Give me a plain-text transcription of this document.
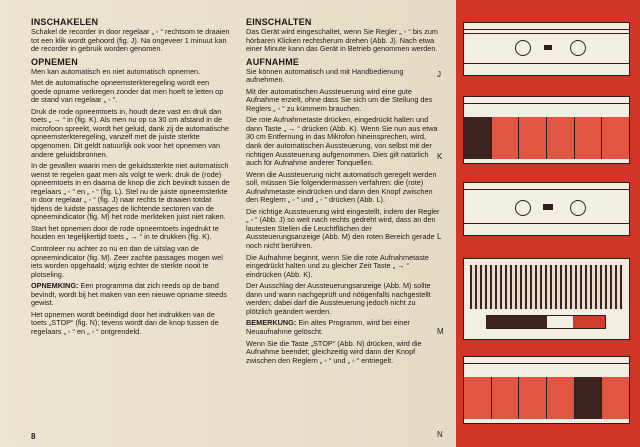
INSCHAKELEN

Schakel de recorder in door regelaar „ ◦ “ rechtsom te draaien tot een klik wordt gehoord (fig. J). Na ongeveer 1 minuut kan de recorder in gebruik worden genomen.

OPNEMEN

Men kan automatisch en niet automatisch opnemen.

Met de automatische opneemsterkteregeling wordt een goede opname verkregen zonder dat men hoeft te letten op de stand van regelaar „ ◦ “.

Druk de rode opneemtoets in, houdt deze vast en druk dan toets „ → “ in (fig. K). Als men nu op ca 30 cm afstand in de microfoon spreekt, wordt het geluid, dank zij de automatische opneemsterkteregeling, vanzelf met de juiste sterkte opgenomen. Dit geldt natuurlijk ook voor het opnemen van andere geluidsbronnen.

In de gevallen waarin men de geluidssterkte niet automatisch wenst te regelen gaat men als volgt te werk: druk de (rode) opneemtoets in en daarna de knop die zich bevindt tussen de regelaars „ ◦ “ en „ ◦ “ (fig. L). Stel nu de juiste opneemsterkte in door regelaar „ ◦ “ (fig. J) naar rechts te draaien totdat tijdens de luidste passages de lichtende sectoren van de opneemindicator (fig. M) het rode merkteken juist niet raken.

Start het opnemen door de rode opneemtoets ingedrukt te houden en tegelijkertijd toets „ → “ in te drukken (fig. K).

Controleer nu achter zo nu en dan de uitslag van de opneemindicator (fig. M). Zeer zachte passages mogen wel iets worden opgehaald; wijzig echter de sterkte nooit te plotseling.

OPNEMKING: Een programma dat zich reeds op de band bevindt, wordt bij het maken van een nieuwe opname steeds gewist.

Het opnemen wordt beëindigd door het indrukken van de toets „STOP“ (fig. N); tevens wordt dan de knop tussen de regelaars „ ◦ “ en „ ◦ “ ontgrendeld.

EINSCHALTEN

Das Gerät wird eingeschaltet, wenn Sie Regler „ ◦ “ bis zum hörbaren Klicken rechtsherum drehen (Abb. J). Nach etwa einer Minute kann das Gerät in Betrieb genommen werden.

AUFNAHME

Sie können automatisch und mit Handbedienung aufnehmen.

Mit der automatischen Aussteuerung wird eine gute Aufnahme erzielt, ohne dass Sie sich um die Stellung des Reglers „ ◦ “ zu kümmern brauchen.

Die rote Aufnahmetaste drücken, eingedrückt halten und dann Taste „ → “ drücken (Abb. K). Wenn Sie nun aus etwa 30 cm Entfernung in das Mikrofon hineinsprechen, wird, dank der automatischen Aussteuerung, von selbst mit der richtigen Aussteuerung aufgenommen. Dies gilt natürlich auch für Aufnahme anderer Tonquellen.

Wenn die Aussteuerung nicht automatisch geregelt werden soll, müssen Sie folgendermassen verfahren: die (rote) Aufnahmetaste eindrücken und dann den Knopf zwischen den Reglern „ ◦ “ und „ ◦ “ drücken (Abb. L).

Die richtige Aussteuerung wird eingestellt, indem der Regler „ ◦ “ (Abb. J) so weit nach rechts gedreht wird, dass an den lautesten Stellen die Leuchtflächen der Aussteuerungsanzeige (Abb. M) den roten Bereich gerade noch nicht berühren.

Die Aufnahme beginnt, wenn Sie die rote Aufnahmetaste eingedrückt halten und zu gleicher Zeit Taste „ → “ eindrücken (Abb. K).

Der Ausschlag der Aussteuerungsanzeige (Abb. M) sollte dann und wann nachgeprüft und nötigenfalls nachgestellt werden; dabei darf die Aussteuerung jedoch nicht zu plötzlich geändert werden.

BEMERKUNG: Ein altes Programm, wird bei einer Neuaufnahme gelöscht.

Wenn Sie die Taste „STOP“ (Abb. N) drücken, wird die Aufnahme beendet; gleichzeitig wird dann der Knopf zwischen den Reglern „ ◦ “ und „ ◦ “ entriegelt.

8
J
K
L
M
N
